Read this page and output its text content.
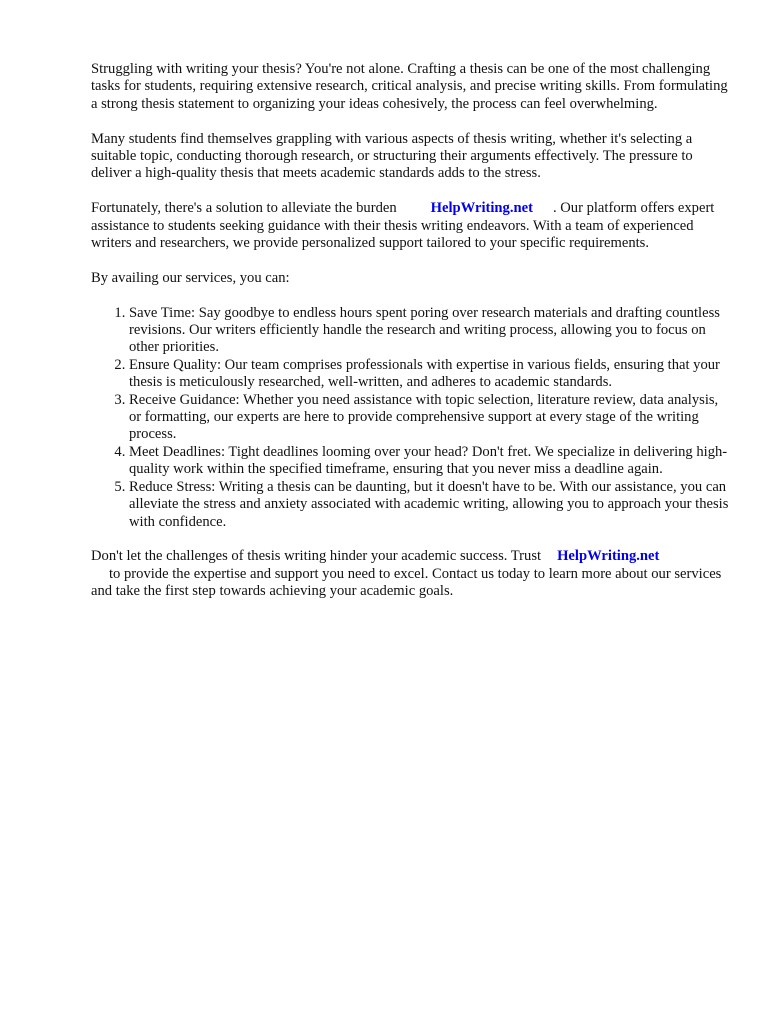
Struggling with writing your thesis? You're not alone. Crafting a thesis can be one of the most challenging tasks for students, requiring extensive research, critical analysis, and precise writing skills. From formulating a strong thesis statement to organizing your ideas cohesively, the process can feel overwhelming.

Many students find themselves grappling with various aspects of thesis writing, whether it's selecting a suitable topic, conducting thorough research, or structuring their arguments effectively. The pressure to deliver a high-quality thesis that meets academic standards adds to the stress.

Fortunately, there's a solution to alleviate the burden HelpWriting.net . Our platform offers expert assistance to students seeking guidance with their thesis writing endeavors. With a team of experienced writers and researchers, we provide personalized support tailored to your specific requirements.

By availing our services, you can:

1. Save Time: Say goodbye to endless hours spent poring over research materials and drafting countless revisions. Our writers efficiently handle the research and writing process, allowing you to focus on other priorities.
2. Ensure Quality: Our team comprises professionals with expertise in various fields, ensuring that your thesis is meticulously researched, well-written, and adheres to academic standards.
3. Receive Guidance: Whether you need assistance with topic selection, literature review, data analysis, or formatting, our experts are here to provide comprehensive support at every stage of the writing process.
4. Meet Deadlines: Tight deadlines looming over your head? Don't fret. We specialize in delivering high-quality work within the specified timeframe, ensuring that you never miss a deadline again.
5. Reduce Stress: Writing a thesis can be daunting, but it doesn't have to be. With our assistance, you can alleviate the stress and anxiety associated with academic writing, allowing you to approach your thesis with confidence.

Don't let the challenges of thesis writing hinder your academic success. Trust HelpWriting.net
to provide the expertise and support you need to excel. Contact us today to learn more about our services and take the first step towards achieving your academic goals.
